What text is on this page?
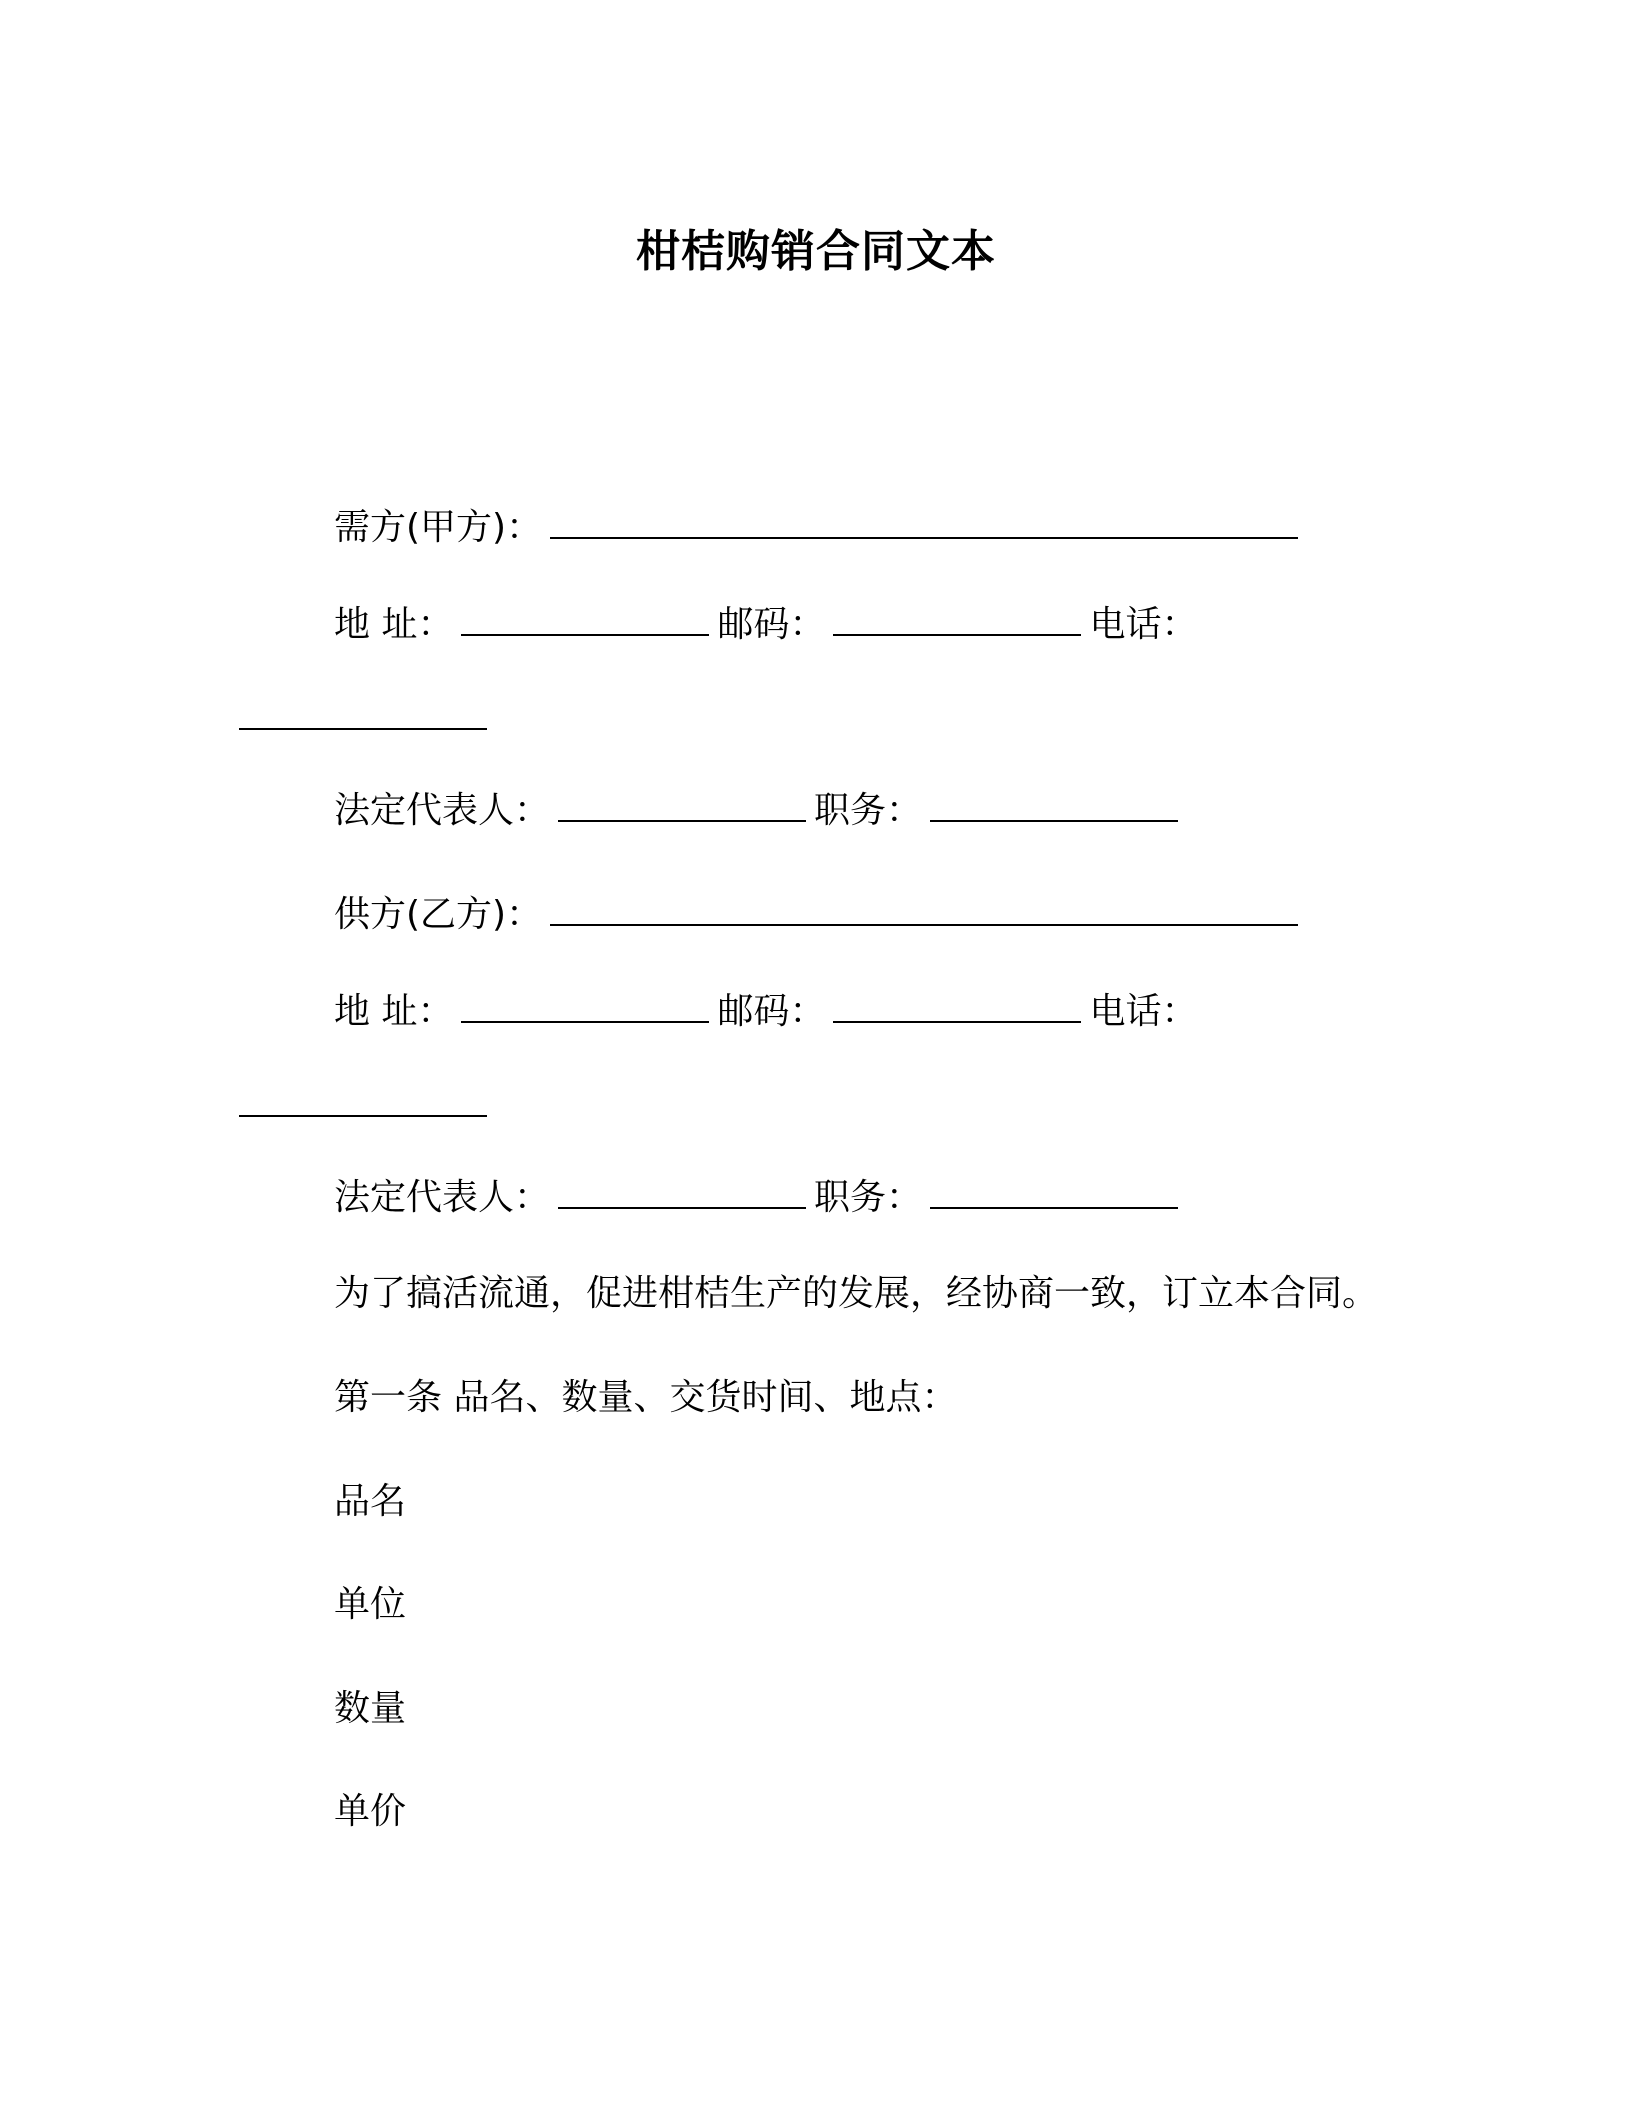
柑桔购销合同文本
需方(甲方)：
地 址：	邮码：	电话：
法定代表人：	职务：
供方(乙方)：
地 址：	邮码：	电话：
法定代表人：	职务：
为了搞活流通，促进柑桔生产的发展，经协商一致，订立本合同。
第一条 品名、数量、交货时间、地点：
品名
单位
数量
单价
